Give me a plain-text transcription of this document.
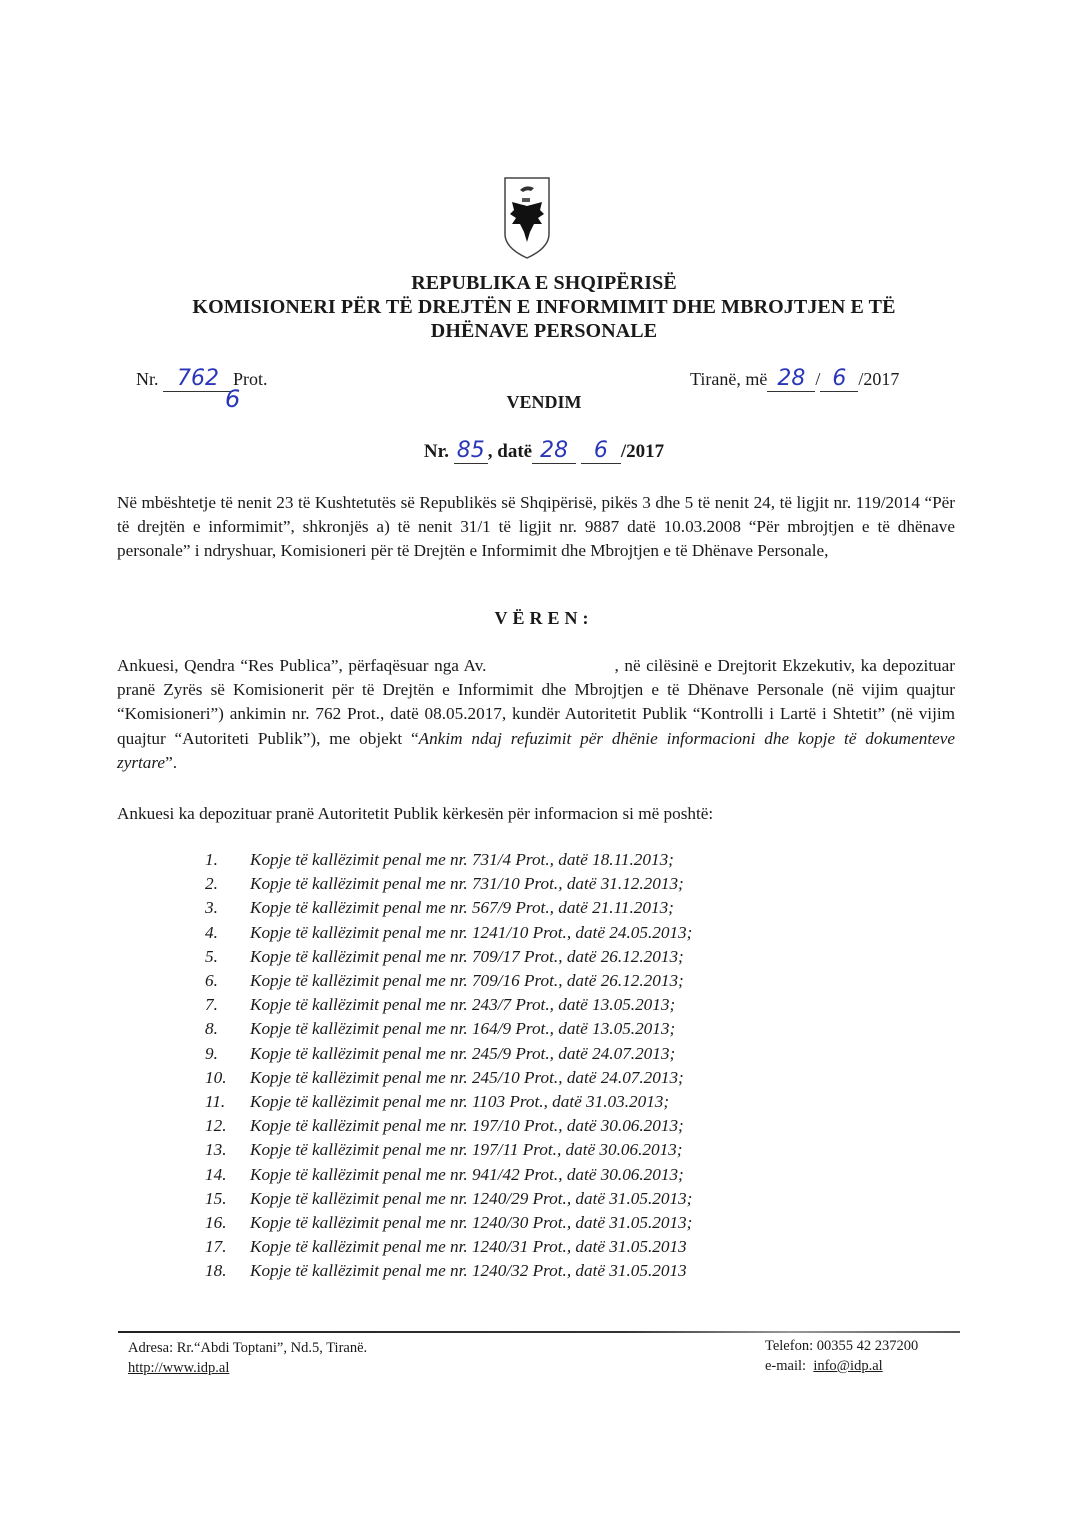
REPUBLIKA E SHQIPËRISË
KOMISIONERI PËR TË DREJTËN E INFORMIMIT DHE MBROJTJEN E TË
DHËNAVE PERSONALE
Nr. 762 Prot.
6
Tiranë, më 28 / 6 /2017
VENDIM
Nr. 85 , datë 28 6 /2017
Në mbështetje të nenit 23 të Kushtetutës së Republikës së Shqipërisë, pikës 3 dhe 5 të nenit 24, të ligjit nr. 119/2014 “Për të drejtën e informimit”, shkronjës a) të nenit 31/1 të ligjit nr. 9887 datë 10.03.2008 “Për mbrojtjen e të dhënave personale” i ndryshuar, Komisioneri për të Drejtën e Informimit dhe Mbrojtjen e të Dhënave Personale,
VËREN:
Ankuesi, Qendra “Res Publica”, përfaqësuar nga Av.	, në cilësinë e Drejtorit Ekzekutiv, ka depozituar pranë Zyrës së Komisionerit për të Drejtën e Informimit dhe Mbrojtjen e të Dhënave Personale (në vijim quajtur “Komisioneri”) ankimin nr. 762 Prot., datë 08.05.2017, kundër Autoritetit Publik “Kontrolli i Lartë i Shtetit” (në vijim quajtur “Autoriteti Publik”), me objekt “Ankim ndaj refuzimit për dhënie informacioni dhe kopje të dokumenteve zyrtare”.
Ankuesi ka depozituar pranë Autoritetit Publik kërkesën për informacion si më poshtë:
1.	Kopje të kallëzimit penal me nr. 731/4 Prot., datë 18.11.2013;
2.	Kopje të kallëzimit penal me nr. 731/10 Prot., datë 31.12.2013;
3.	Kopje të kallëzimit penal me nr. 567/9 Prot., datë 21.11.2013;
4.	Kopje të kallëzimit penal me nr. 1241/10 Prot., datë 24.05.2013;
5.	Kopje të kallëzimit penal me nr. 709/17 Prot., datë 26.12.2013;
6.	Kopje të kallëzimit penal me nr. 709/16 Prot., datë 26.12.2013;
7.	Kopje të kallëzimit penal me nr. 243/7 Prot., datë 13.05.2013;
8.	Kopje të kallëzimit penal me nr. 164/9 Prot., datë 13.05.2013;
9.	Kopje të kallëzimit penal me nr. 245/9 Prot., datë 24.07.2013;
10.	Kopje të kallëzimit penal me nr. 245/10 Prot., datë 24.07.2013;
11.	Kopje të kallëzimit penal me nr. 1103 Prot., datë 31.03.2013;
12.	Kopje të kallëzimit penal me nr. 197/10 Prot., datë 30.06.2013;
13.	Kopje të kallëzimit penal me nr. 197/11 Prot., datë 30.06.2013;
14.	Kopje të kallëzimit penal me nr. 941/42 Prot., datë 30.06.2013;
15.	Kopje të kallëzimit penal me nr. 1240/29 Prot., datë 31.05.2013;
16.	Kopje të kallëzimit penal me nr. 1240/30 Prot., datë 31.05.2013;
17.	Kopje të kallëzimit penal me nr. 1240/31 Prot., datë 31.05.2013
18.	Kopje të kallëzimit penal me nr. 1240/32 Prot., datë 31.05.2013
Adresa: Rr.“Abdi Toptani”, Nd.5, Tiranë.
http://www.idp.al
Telefon: 00355 42 237200
e-mail: info@idp.al
